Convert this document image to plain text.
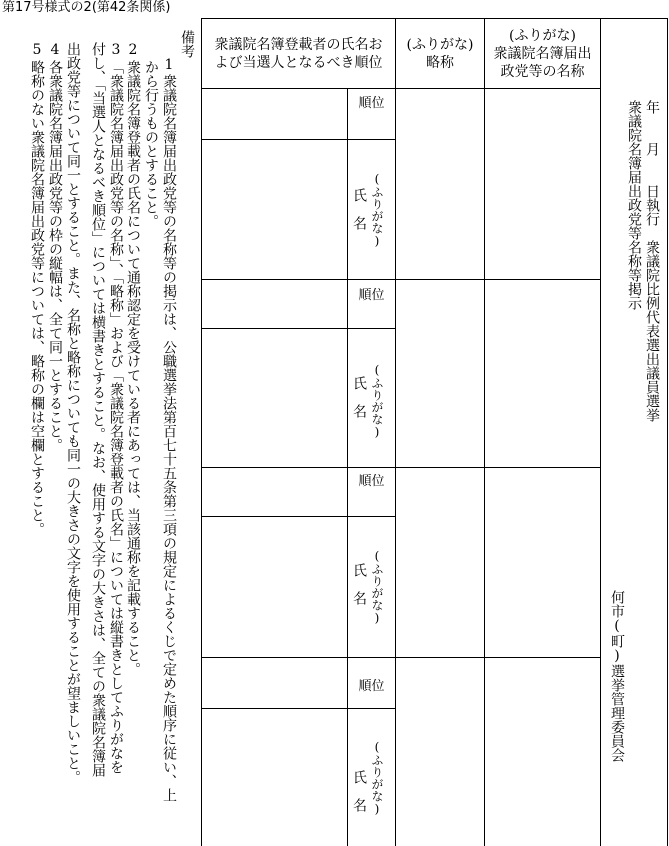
第17号様式の2(第42条関係)
備考
1
衆議院名簿届出政党等の名称等の掲示は、公職選挙法第百七十五条第三項の規定によるくじで定めた順序に従い、上
から行うものとすること。
2
衆議院名簿登載者の氏名について通称認定を受けている者にあっては、当該通称を記載すること。
3
「衆議院名簿届出政党等の名称」、「略称」および「衆議院名簿登載者の氏名」については縦書きとしてふりがなを
付し、「当選人となるべき順位」については横書きとすること。なお、使用する文字の大きさは、全ての衆議院名簿届
出政党等について同一とすること。また、名称と略称についても同一の大きさの文字を使用することが望ましいこと。
4
各衆議院名簿届出政党等の枠の縦幅は、全て同一とすること。
5
略称のない衆議院名簿届出政党等については、略称の欄は空欄とすること。
衆議院名簿登載者の氏名お
よび当選人となるべき順位
(ふりがな)
略称
(ふりがな)
衆議院名簿届出
政党等の名称
順位
(ふりがな)
氏名
順位
(ふりがな)
氏名
順位
(ふりがな)
氏名
順位
(ふりがな)
氏名
年　　月　　日執行　衆議院比例代表選出議員選挙
衆議院名簿届出政党等名称等掲示
何市(町)選挙管理委員会
